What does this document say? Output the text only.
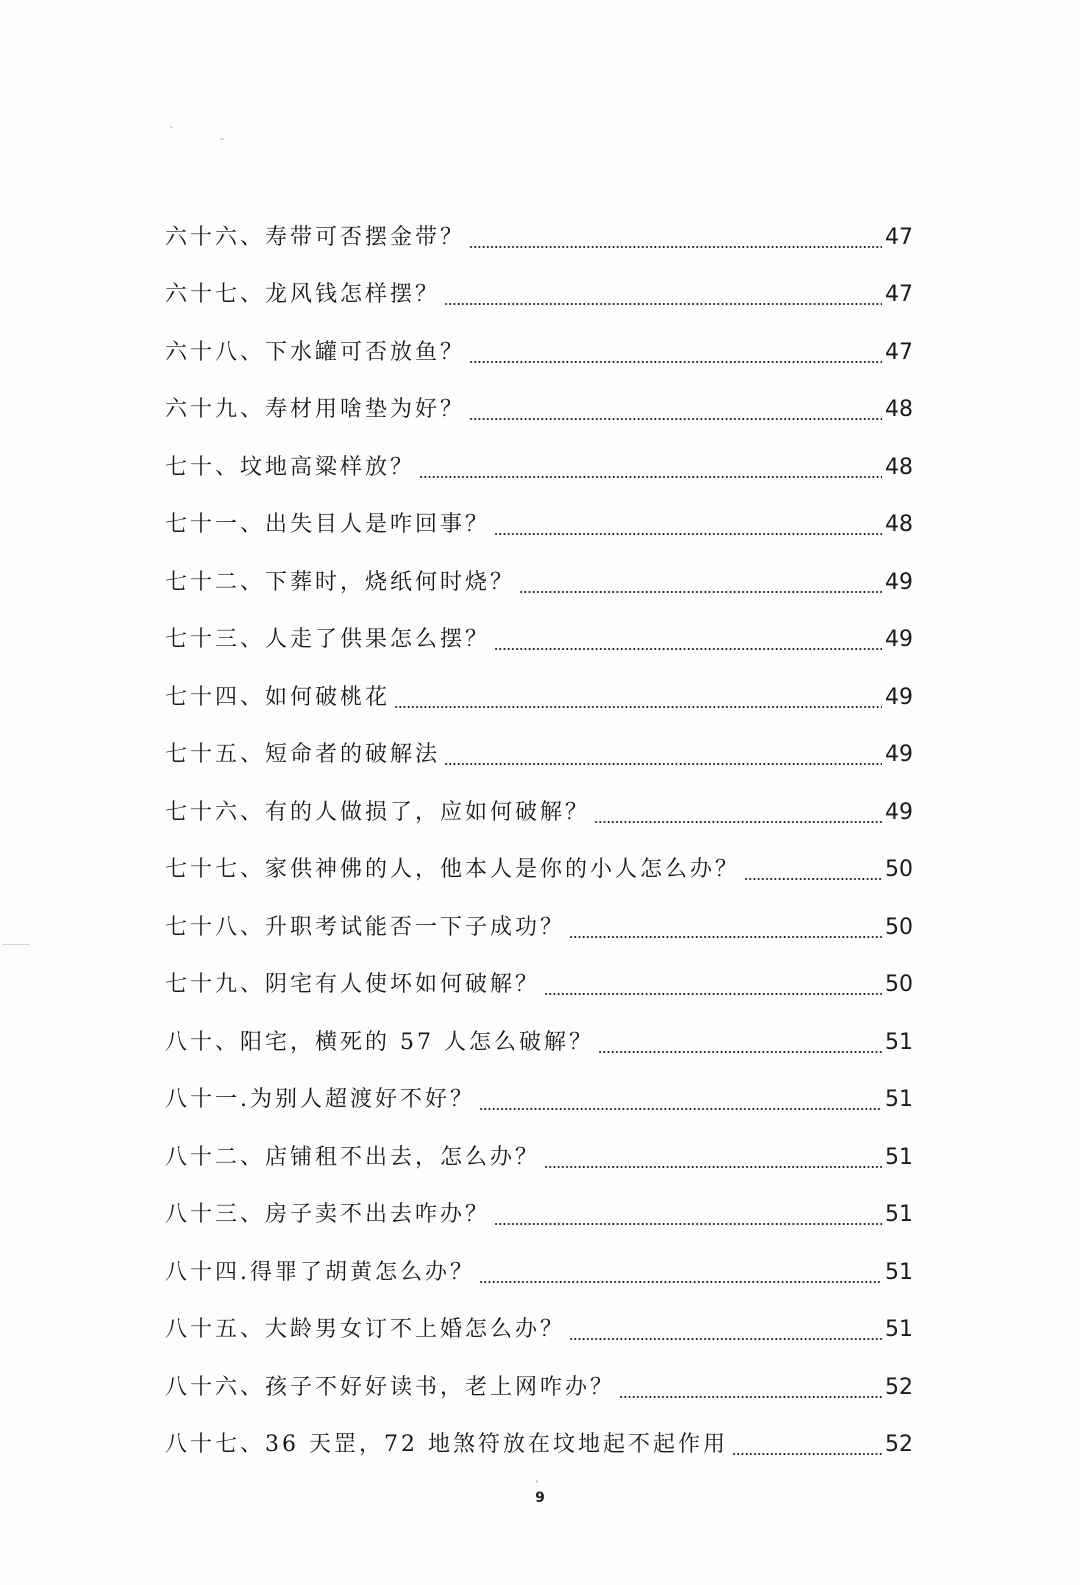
六十六、寿带可否摆金带？	47
六十七、龙风钱怎样摆？	47
六十八、下水罐可否放鱼？	47
六十九、寿材用啥垫为好？	48
七十、坟地高粱样放？	48
七十一、出失目人是咋回事？	48
七十二、下葬时，烧纸何时烧？	49
七十三、人走了供果怎么摆？	49
七十四、如何破桃花	49
七十五、短命者的破解法	49
七十六、有的人做损了，应如何破解？	49
七十七、家供神佛的人，他本人是你的小人怎么办？	50
七十八、升职考试能否一下子成功？	50
七十九、阴宅有人使坏如何破解？	50
八十、阳宅，横死的 57 人怎么破解？	51
八十一.为别人超渡好不好？	51
八十二、店铺租不出去，怎么办？	51
八十三、房子卖不出去咋办？	51
八十四.得罪了胡黄怎么办？	51
八十五、大龄男女订不上婚怎么办？	51
八十六、孩子不好好读书，老上网咋办？	52
八十七、36 天罡，72 地煞符放在坟地起不起作用	52
9
